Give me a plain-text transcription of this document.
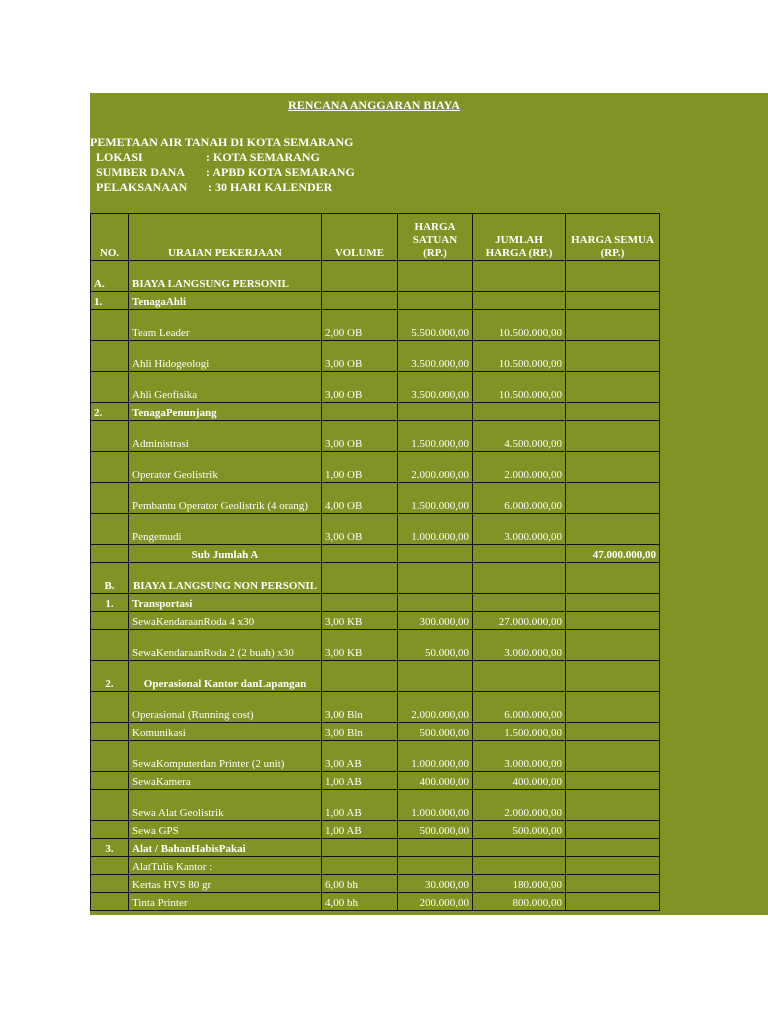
RENCANA ANGGARAN BIAYA
PEMETAAN AIR TANAH DI KOTA SEMARANG
LOKASI	: KOTA SEMARANG
SUMBER DANA : APBD KOTA SEMARANG
PELAKSANAAN : 30 HARI KALENDER
NO.	URAIAN PEKERJAAN	VOLUME	HARGA SATUAN (RP.)	JUMLAH HARGA (RP.)	HARGA SEMUA (RP.)
A.	BIAYA LANGSUNG PERSONIL				
1.	TenagaAhli				
	Team Leader	2,00 OB	5.500.000,00	10.500.000,00	
	Ahli Hidogeologi	3,00 OB	3.500.000,00	10.500.000,00	
	Ahli Geofisika	3,00 OB	3.500.000,00	10.500.000,00	
2.	TenagaPenunjang				
	Administrasi	3,00 OB	1.500.000,00	4.500.000,00	
	Operator Geolistrik	1,00 OB	2.000.000,00	2.000.000,00	
	Pembantu Operator Geolistrik (4 orang)	4,00 OB	1.500.000,00	6.000.000,00	
	Pengemudi	3,00 OB	1.000.000,00	3.000.000,00	
	Sub Jumlah A				47.000.000,00
B.	BIAYA LANGSUNG NON PERSONIL				
1.	Transportasi				
	SewaKendaraanRoda 4 x30	3,00 KB	300.000,00	27.000.000,00	
	SewaKendaraanRoda 2 (2 buah) x30	3,00 KB	50.000,00	3.000.000,00	
2.	Operasional Kantor danLapangan				
	Operasional (Running cost)	3,00 Bln	2.000.000,00	6.000.000,00	
	Komunikasi	3,00 Bln	500.000,00	1.500.000,00	
	SewaKomputerdan Printer (2 unit)	3,00 AB	1.000.000,00	3.000.000,00	
	SewaKamera	1,00 AB	400.000,00	400.000,00	
	Sewa Alat Geolistrik	1,00 AB	1.000.000,00	2.000.000,00	
	Sewa GPS	1,00 AB	500.000,00	500.000,00	
3.	Alat / BahanHabisPakai				
	AlatTulis Kantor :				
	Kertas HVS 80 gr	6,00 bh	30.000,00	180.000,00	
	Tinta Printer	4,00 bh	200.000,00	800.000,00	
